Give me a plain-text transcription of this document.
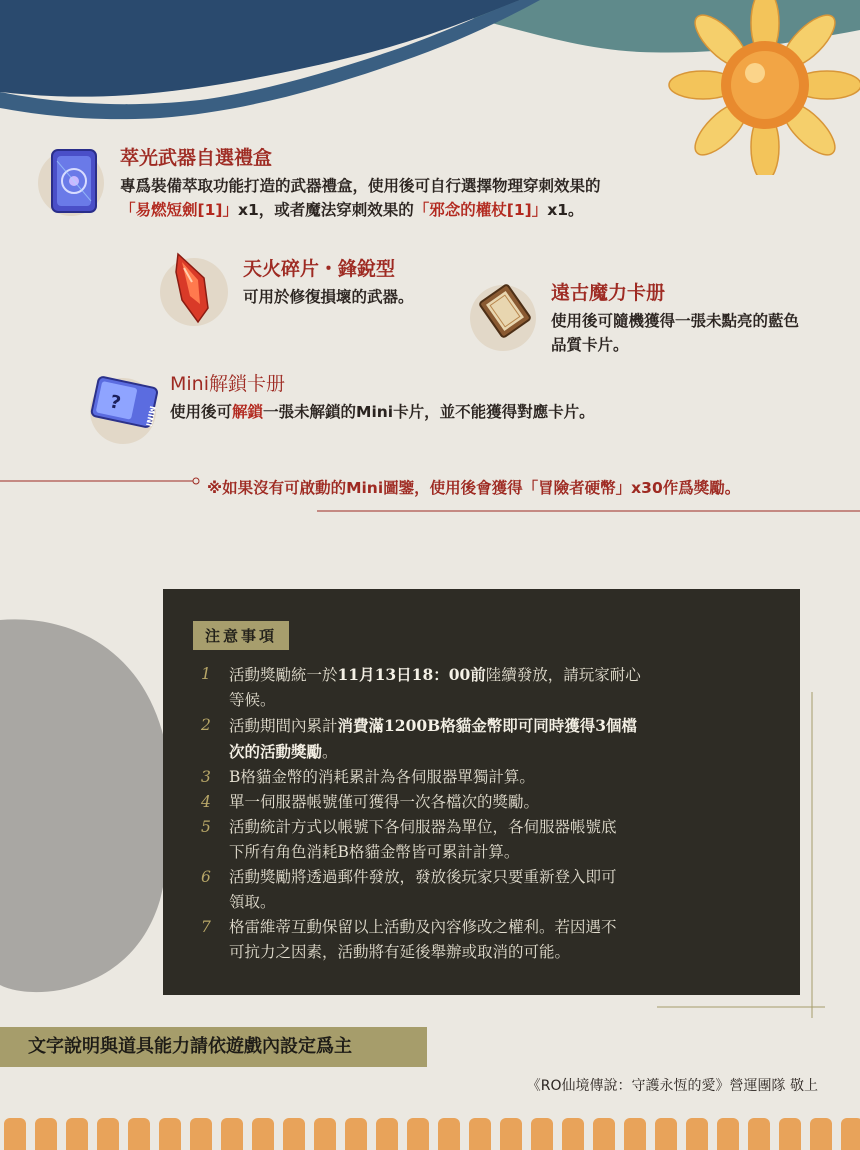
萃光武器自選禮盒
專爲裝備萃取功能打造的武器禮盒，使用後可自行選擇物理穿刺效果的
「易燃短劍[1]」x1，或者魔法穿刺效果的「邪念的權杖[1]」x1。
天火碎片・鋒銳型
可用於修復損壞的武器。	遠古魔力卡册
使用後可隨機獲得一張未點亮的藍色
品質卡片。
?
MINI
Mini解鎖卡册
使用後可解鎖一張未解鎖的Mini卡片，並不能獲得對應卡片。
※如果沒有可啟動的Mini圖鑒，使用後會獲得「冒險者硬幣」x30作爲獎勵。
注意事項
1	活動獎勵統一於11月13日18：00前陸續發放，請玩家耐心
等候。
2	活動期間內累計消費滿1200B格貓金幣即可同時獲得3個檔
次的活動獎勵。
3	B格貓金幣的消耗累計為各伺服器單獨計算。
4	單一伺服器帳號僅可獲得一次各檔次的獎勵。
5	活動統計方式以帳號下各伺服器為單位，各伺服器帳號底
下所有角色消耗B格貓金幣皆可累計計算。
6	活動獎勵將透過郵件發放，發放後玩家只要重新登入即可
領取。
7	格雷維蒂互動保留以上活動及內容修改之權利。若因遇不
可抗力之因素，活動將有延後舉辦或取消的可能。
文字說明與道具能力請依遊戲內設定爲主
《RO仙境傳說：守護永恆的愛》營運團隊 敬上
